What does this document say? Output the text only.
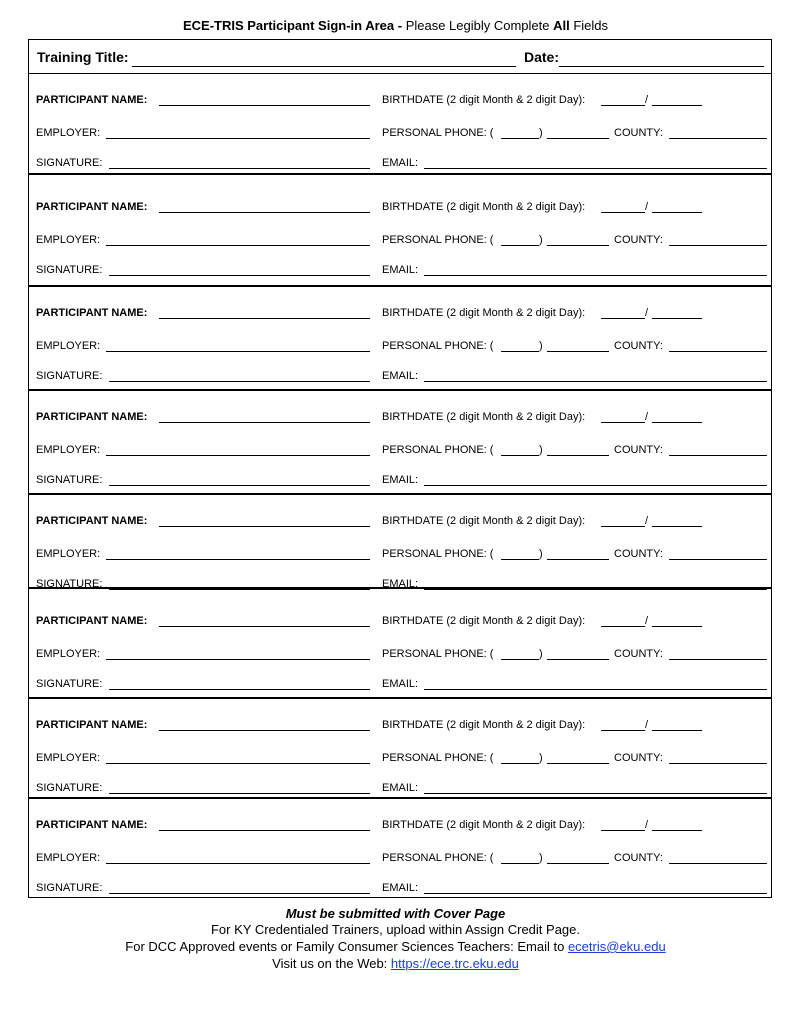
ECE-TRIS Participant Sign-in Area - Please Legibly Complete All Fields
Training Title:	Date:
PARTICIPANT NAME:	BIRTHDATE (2 digit Month & 2 digit Day):	/
EMPLOYER:	PERSONAL PHONE: (	)	COUNTY:
SIGNATURE:	EMAIL:
PARTICIPANT NAME:	BIRTHDATE (2 digit Month & 2 digit Day):	/
EMPLOYER:	PERSONAL PHONE: (	)	COUNTY:
SIGNATURE:	EMAIL:
PARTICIPANT NAME:	BIRTHDATE (2 digit Month & 2 digit Day):	/
EMPLOYER:	PERSONAL PHONE: (	)	COUNTY:
SIGNATURE:	EMAIL:
PARTICIPANT NAME:	BIRTHDATE (2 digit Month & 2 digit Day):	/
EMPLOYER:	PERSONAL PHONE: (	)	COUNTY:
SIGNATURE:	EMAIL:
PARTICIPANT NAME:	BIRTHDATE (2 digit Month & 2 digit Day):	/
EMPLOYER:	PERSONAL PHONE: (	)	COUNTY:
SIGNATURE:	EMAIL:
PARTICIPANT NAME:	BIRTHDATE (2 digit Month & 2 digit Day):	/
EMPLOYER:	PERSONAL PHONE: (	)	COUNTY:
SIGNATURE:	EMAIL:
PARTICIPANT NAME:	BIRTHDATE (2 digit Month & 2 digit Day):	/
EMPLOYER:	PERSONAL PHONE: (	)	COUNTY:
SIGNATURE:	EMAIL:
PARTICIPANT NAME:	BIRTHDATE (2 digit Month & 2 digit Day):	/
EMPLOYER:	PERSONAL PHONE: (	)	COUNTY:
SIGNATURE:	EMAIL:
Must be submitted with Cover Page
For KY Credentialed Trainers, upload within Assign Credit Page.
For DCC Approved events or Family Consumer Sciences Teachers: Email to ecetris@eku.edu
Visit us on the Web: https://ece.trc.eku.edu
